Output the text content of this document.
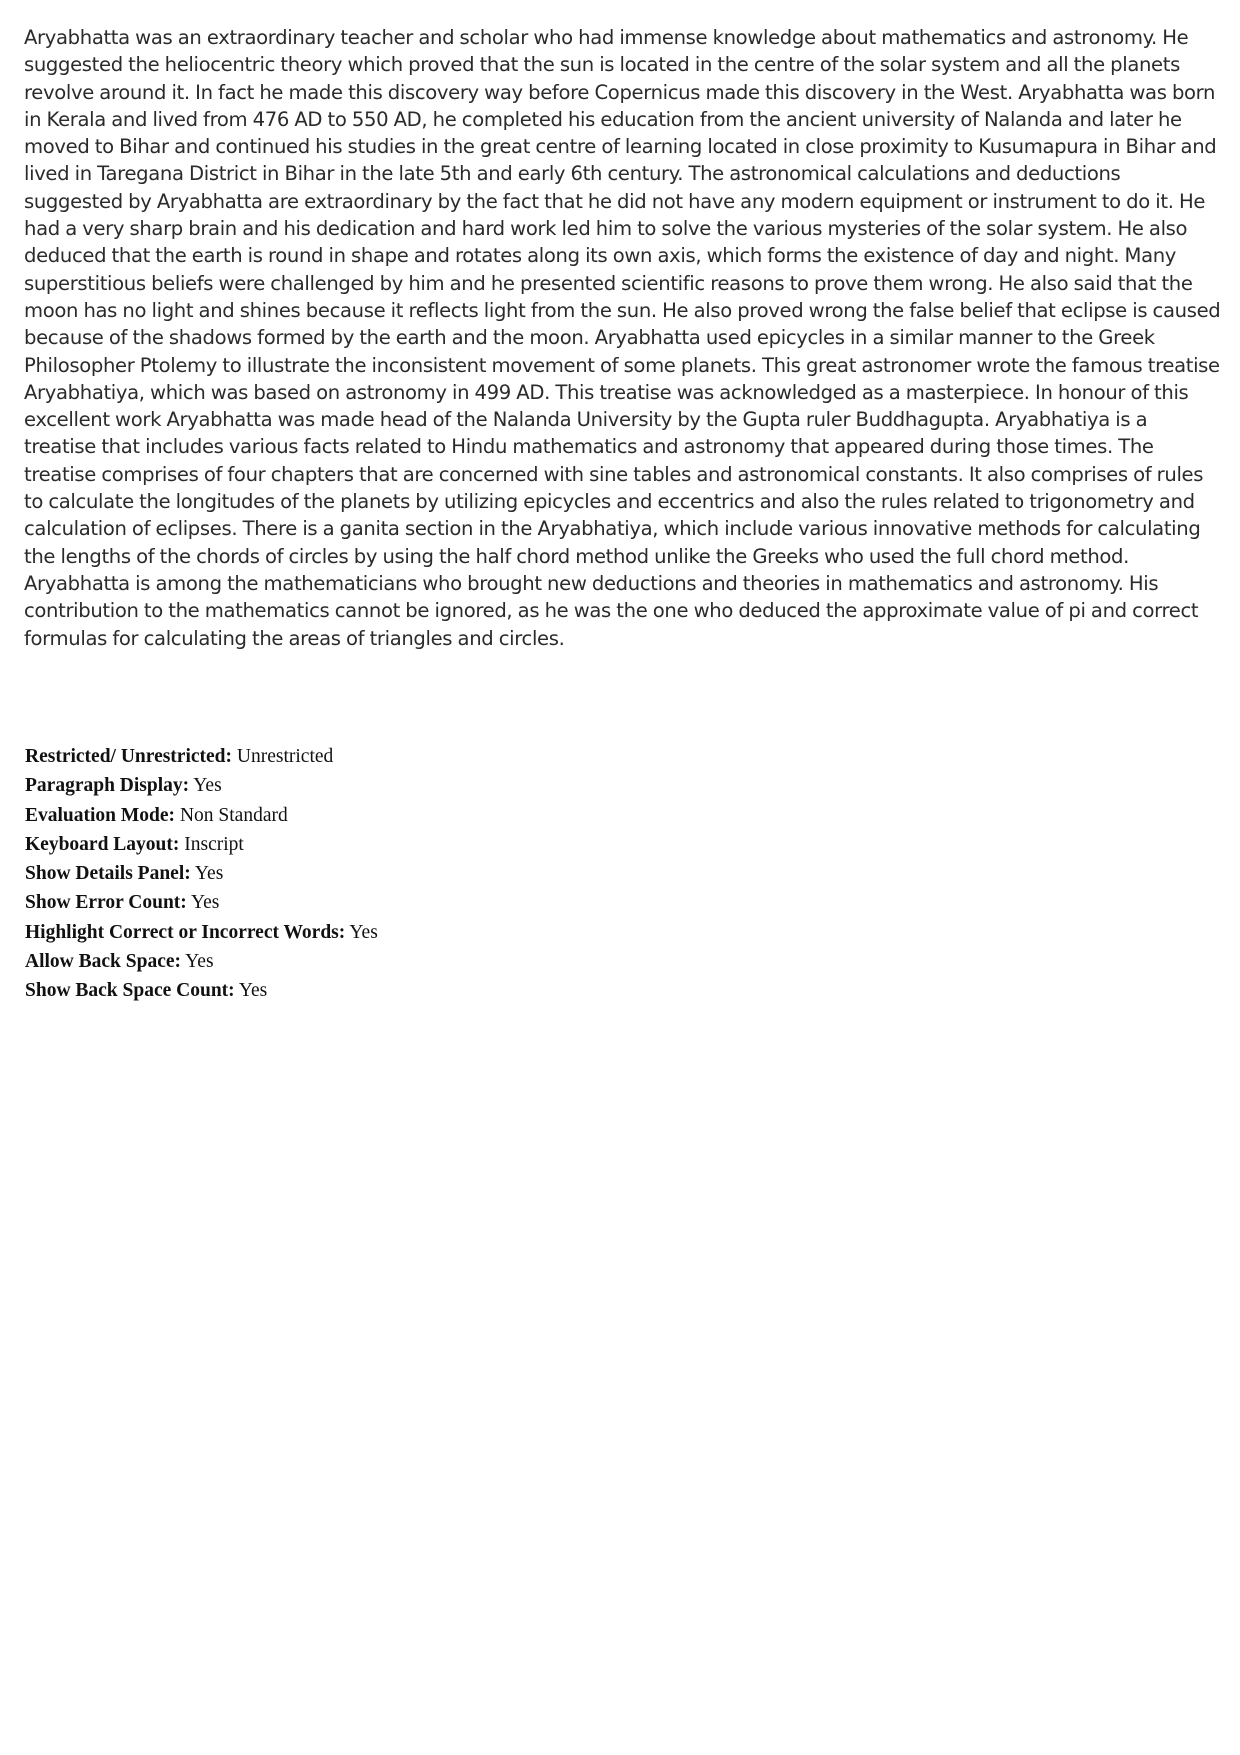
Aryabhatta was an extraordinary teacher and scholar who had immense knowledge about mathematics and astronomy. He suggested the heliocentric theory which proved that the sun is located in the centre of the solar system and all the planets revolve around it. In fact he made this discovery way before Copernicus made this discovery in the West. Aryabhatta was born in Kerala and lived from 476 AD to 550 AD, he completed his education from the ancient university of Nalanda and later he moved to Bihar and continued his studies in the great centre of learning located in close proximity to Kusumapura in Bihar and lived in Taregana District in Bihar in the late 5th and early 6th century. The astronomical calculations and deductions suggested by Aryabhatta are extraordinary by the fact that he did not have any modern equipment or instrument to do it. He had a very sharp brain and his dedication and hard work led him to solve the various mysteries of the solar system. He also deduced that the earth is round in shape and rotates along its own axis, which forms the existence of day and night. Many superstitious beliefs were challenged by him and he presented scientific reasons to prove them wrong. He also said that the moon has no light and shines because it reflects light from the sun. He also proved wrong the false belief that eclipse is caused because of the shadows formed by the earth and the moon. Aryabhatta used epicycles in a similar manner to the Greek Philosopher Ptolemy to illustrate the inconsistent movement of some planets. This great astronomer wrote the famous treatise Aryabhatiya, which was based on astronomy in 499 AD. This treatise was acknowledged as a masterpiece. In honour of this excellent work Aryabhatta was made head of the Nalanda University by the Gupta ruler Buddhagupta. Aryabhatiya is a treatise that includes various facts related to Hindu mathematics and astronomy that appeared during those times. The treatise comprises of four chapters that are concerned with sine tables and astronomical constants. It also comprises of rules to calculate the longitudes of the planets by utilizing epicycles and eccentrics and also the rules related to trigonometry and calculation of eclipses. There is a ganita section in the Aryabhatiya, which include various innovative methods for calculating the lengths of the chords of circles by using the half chord method unlike the Greeks who used the full chord method. Aryabhatta is among the mathematicians who brought new deductions and theories in mathematics and astronomy. His contribution to the mathematics cannot be ignored, as he was the one who deduced the approximate value of pi and correct formulas for calculating the areas of triangles and circles.

Restricted/ Unrestricted: Unrestricted
Paragraph Display: Yes
Evaluation Mode: Non Standard
Keyboard Layout: Inscript
Show Details Panel: Yes
Show Error Count: Yes
Highlight Correct or Incorrect Words: Yes
Allow Back Space: Yes
Show Back Space Count: Yes
